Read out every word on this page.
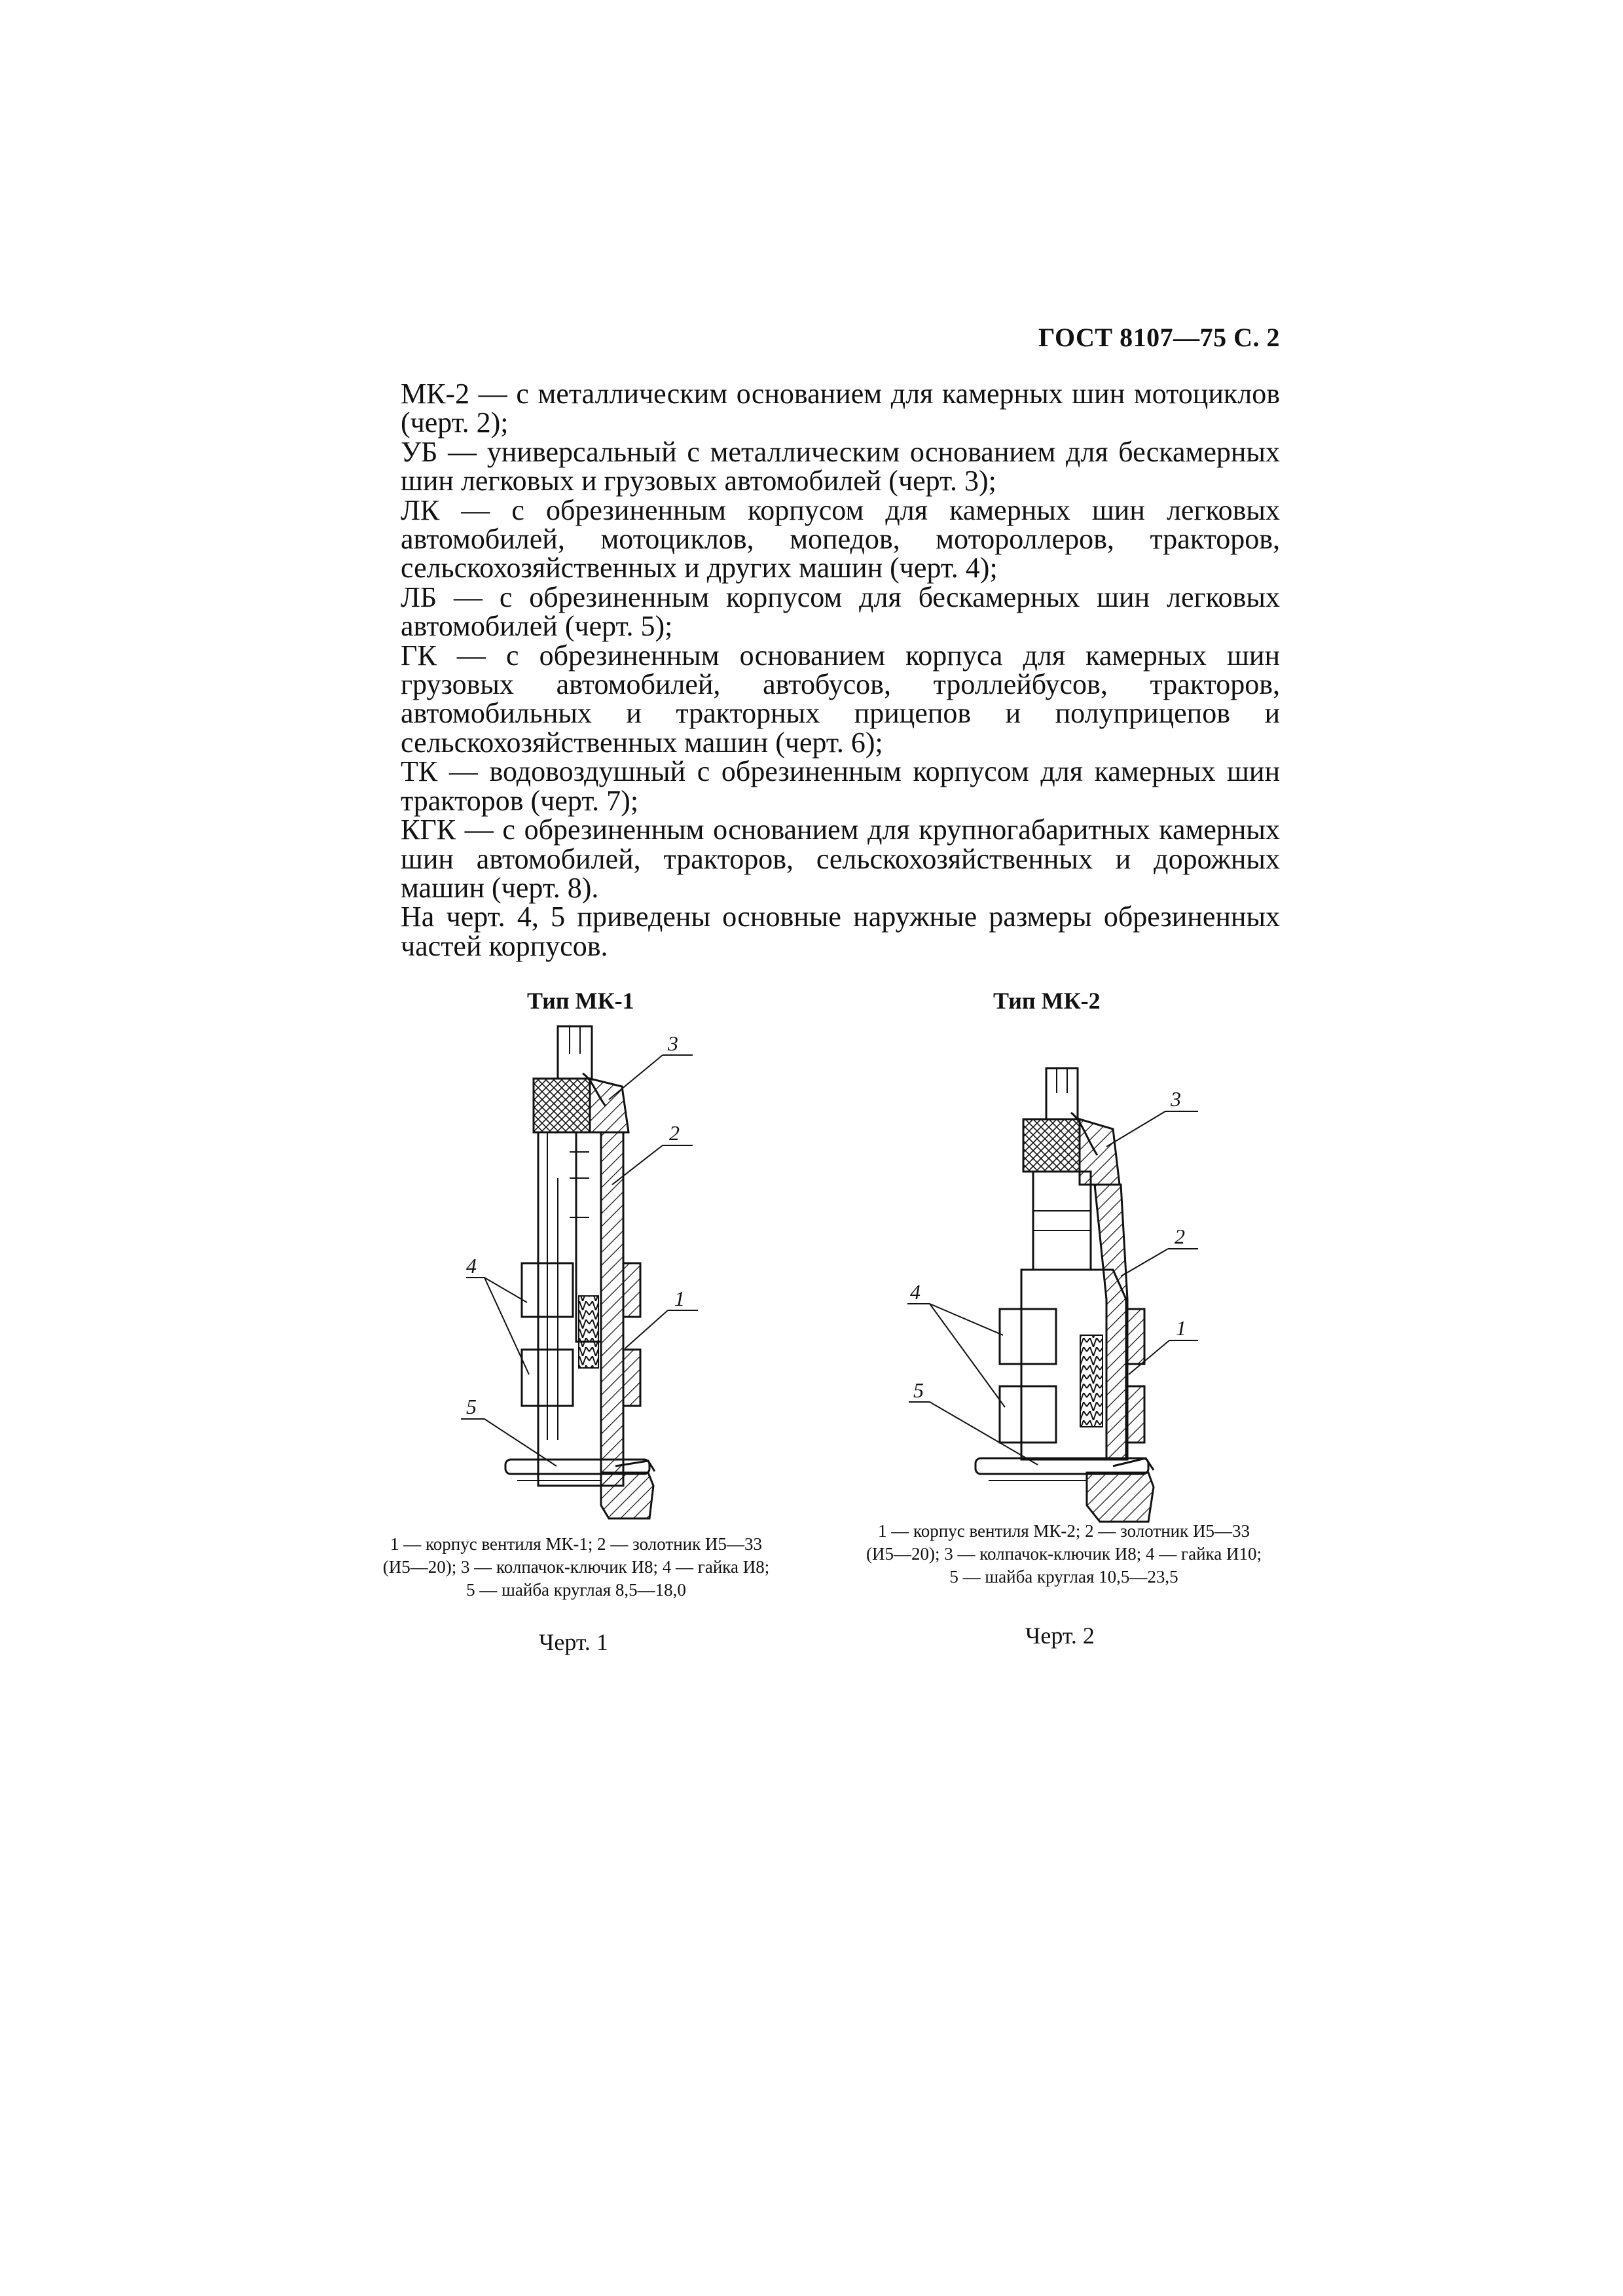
ГОСТ 8107—75 С. 2

МК-2 — с металлическим основанием для камерных шин мотоциклов (черт. 2);

УБ — универсальный с металлическим основанием для бескамерных шин легковых и грузовых автомобилей (черт. 3);

ЛК — с обрезиненным корпусом для камерных шин легковых автомобилей, мотоциклов, мопедов, мотороллеров, тракторов, сельскохозяйственных и других машин (черт. 4);

ЛБ — с обрезиненным корпусом для бескамерных шин легковых автомобилей (черт. 5);

ГК — с обрезиненным основанием корпуса для камерных шин грузовых автомобилей, автобусов, троллейбусов, тракторов, автомобильных и тракторных прицепов и полуприцепов и сельскохозяйственных машин (черт. 6);

ТК — водовоздушный с обрезиненным корпусом для камерных шин тракторов (черт. 7);

КГК — с обрезиненным основанием для крупногабаритных камерных шин автомобилей, тракторов, сельскохозяйственных и дорожных машин (черт. 8).

На черт. 4, 5 приведены основные наружные размеры обрезиненных частей корпусов.

Тип МК-1
3
2
1
4
5
3
2
1
4
5
1 — корпус вентиля МК-1; 2 — золотник И5—33
(И5—20); 3 — колпачок-ключик И8; 4 — гайка И8;
5 — шайба круглая 8,5—18,0
Черт. 1
Тип МК-2
1 — корпус вентиля МК-2; 2 — золотник И5—33
(И5—20); 3 — колпачок-ключик И8; 4 — гайка И10;
5 — шайба круглая 10,5—23,5
Черт. 2
